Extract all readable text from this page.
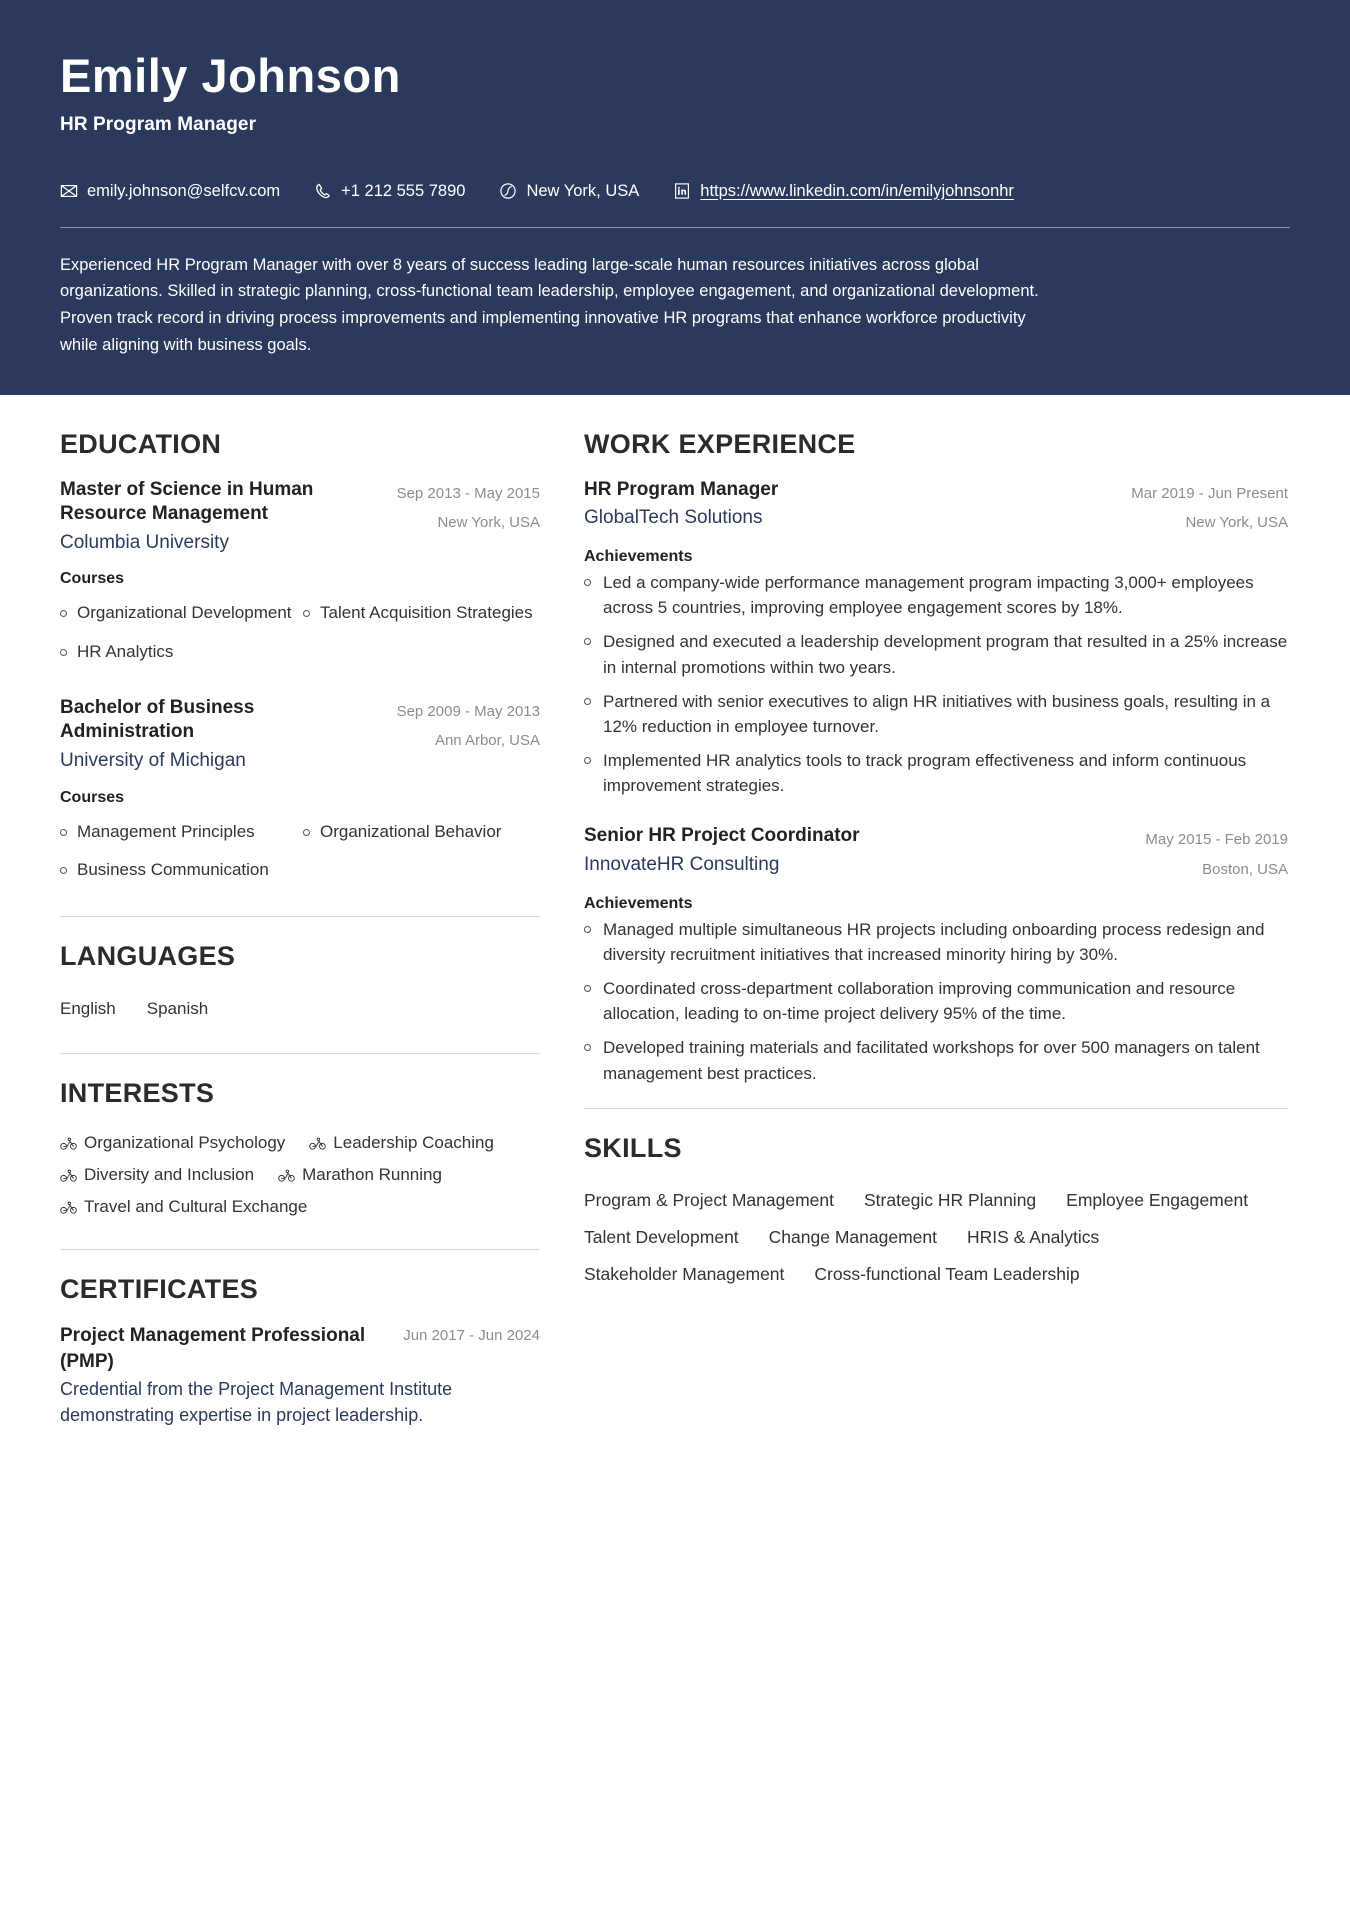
Emily Johnson
HR Program Manager
emily.johnson@selfcv.com	+1 212 555 7890	New York, USA	https://www.linkedin.com/in/emilyjohnsonhr
Experienced HR Program Manager with over 8 years of success leading large-scale human resources initiatives across global organizations. Skilled in strategic planning, cross-functional team leadership, employee engagement, and organizational development. Proven track record in driving process improvements and implementing innovative HR programs that enhance workforce productivity while aligning with business goals.
EDUCATION
Master of Science in Human Resource Management
Columbia University
Sep 2013 - May 2015
New York, USA
Courses
Organizational Development Talent Acquisition Strategies
HR Analytics
Bachelor of Business Administration
University of Michigan
Sep 2009 - May 2013
Ann Arbor, USA
Courses
Management Principles	Organizational Behavior
Business Communication
LANGUAGES
English Spanish
INTERESTS
Organizational Psychology	Leadership Coaching
Diversity and Inclusion	Marathon Running
Travel and Cultural Exchange
CERTIFICATES
Project Management Professional (PMP)
Jun 2017 - Jun 2024
Credential from the Project Management Institute demonstrating expertise in project leadership.
WORK EXPERIENCE
HR Program Manager
GlobalTech Solutions
Mar 2019 - Jun Present
New York, USA
Achievements
Led a company-wide performance management program impacting 3,000+ employees across 5 countries, improving employee engagement scores by 18%.
Designed and executed a leadership development program that resulted in a 25% increase in internal promotions within two years.
Partnered with senior executives to align HR initiatives with business goals, resulting in a 12% reduction in employee turnover.
Implemented HR analytics tools to track program effectiveness and inform continuous improvement strategies.
Senior HR Project Coordinator
InnovateHR Consulting
May 2015 - Feb 2019
Boston, USA
Achievements
Managed multiple simultaneous HR projects including onboarding process redesign and diversity recruitment initiatives that increased minority hiring by 30%.
Coordinated cross-department collaboration improving communication and resource allocation, leading to on-time project delivery 95% of the time.
Developed training materials and facilitated workshops for over 500 managers on talent management best practices.
SKILLS
Program & Project Management Strategic HR Planning Employee Engagement
Talent Development Change Management HRIS & Analytics
Stakeholder Management Cross-functional Team Leadership
